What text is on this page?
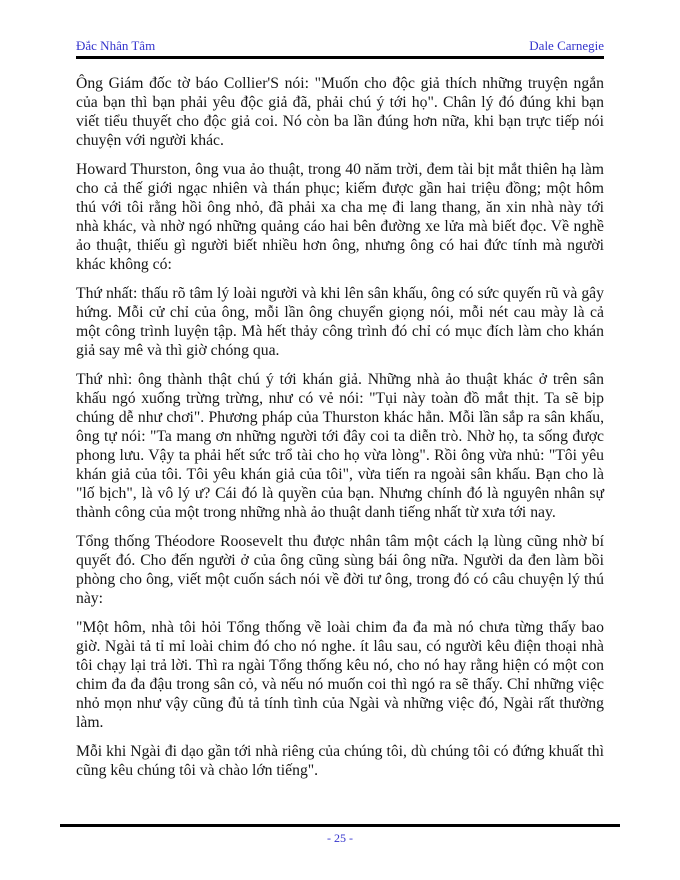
Đắc Nhân Tâm	Dale Carnegie

Ông Giám đốc tờ báo Collier'S nói: "Muốn cho độc giả thích những truyện ngắn của bạn thì bạn phải yêu độc giả đã, phải chú ý tới họ". Chân lý đó đúng khi bạn viết tiểu thuyết cho độc giả coi. Nó còn ba lần đúng hơn nữa, khi bạn trực tiếp nói chuyện với người khác.

Howard Thurston, ông vua ảo thuật, trong 40 năm trời, đem tài bịt mắt thiên hạ làm cho cả thế giới ngạc nhiên và thán phục; kiếm được gần hai triệu đồng; một hôm thú với tôi rằng hồi ông nhỏ, đã phải xa cha mẹ đi lang thang, ăn xin nhà này tới nhà khác, và nhờ ngó những quảng cáo hai bên đường xe lửa mà biết đọc. Về nghề ảo thuật, thiếu gì người biết nhiều hơn ông, nhưng ông có hai đức tính mà người khác không có:

Thứ nhất: thấu rõ tâm lý loài người và khi lên sân khấu, ông có sức quyến rũ và gây hứng. Mỗi cử chỉ của ông, mỗi lần ông chuyển giọng nói, mỗi nét cau mày là cả một công trình luyện tập. Mà hết thảy công trình đó chỉ có mục đích làm cho khán giả say mê và thì giờ chóng qua.

Thứ nhì: ông thành thật chú ý tới khán giả. Những nhà ảo thuật khác ở trên sân khấu ngó xuống trừng trừng, như có vẻ nói: "Tụi này toàn đồ mắt thịt. Ta sẽ bịp chúng dễ như chơi". Phương pháp của Thurston khác hẳn. Mỗi lần sắp ra sân khấu, ông tự nói: "Ta mang ơn những người tới đây coi ta diễn trò. Nhờ họ, ta sống được phong lưu. Vậy ta phải hết sức trổ tài cho họ vừa lòng". Rồi ông vừa nhủ: "Tôi yêu khán giả của tôi. Tôi yêu khán giả của tôi", vừa tiến ra ngoài sân khấu. Bạn cho là "lố bịch", là vô lý ư? Cái đó là quyền của bạn. Nhưng chính đó là nguyên nhân sự thành công của một trong những nhà ảo thuật danh tiếng nhất từ xưa tới nay.

Tổng thống Théodore Roosevelt thu được nhân tâm một cách lạ lùng cũng nhờ bí quyết đó. Cho đến người ở của ông cũng sùng bái ông nữa. Người da đen làm bồi phòng cho ông, viết một cuốn sách nói về đời tư ông, trong đó có câu chuyện lý thú này:

"Một hôm, nhà tôi hỏi Tổng thống về loài chim đa đa mà nó chưa từng thấy bao giờ. Ngài tả tỉ mỉ loài chim đó cho nó nghe. ít lâu sau, có người kêu điện thoại nhà tôi chạy lại trả lời. Thì ra ngài Tổng thống kêu nó, cho nó hay rằng hiện có một con chim đa đa đậu trong sân cỏ, và nếu nó muốn coi thì ngó ra sẽ thấy. Chỉ những việc nhỏ mọn như vậy cũng đủ tả tính tình của Ngài và những việc đó, Ngài rất thường làm.

Mỗi khi Ngài đi dạo gần tới nhà riêng của chúng tôi, dù chúng tôi có đứng khuất thì cũng kêu chúng tôi và chào lớn tiếng".

- 25 -
